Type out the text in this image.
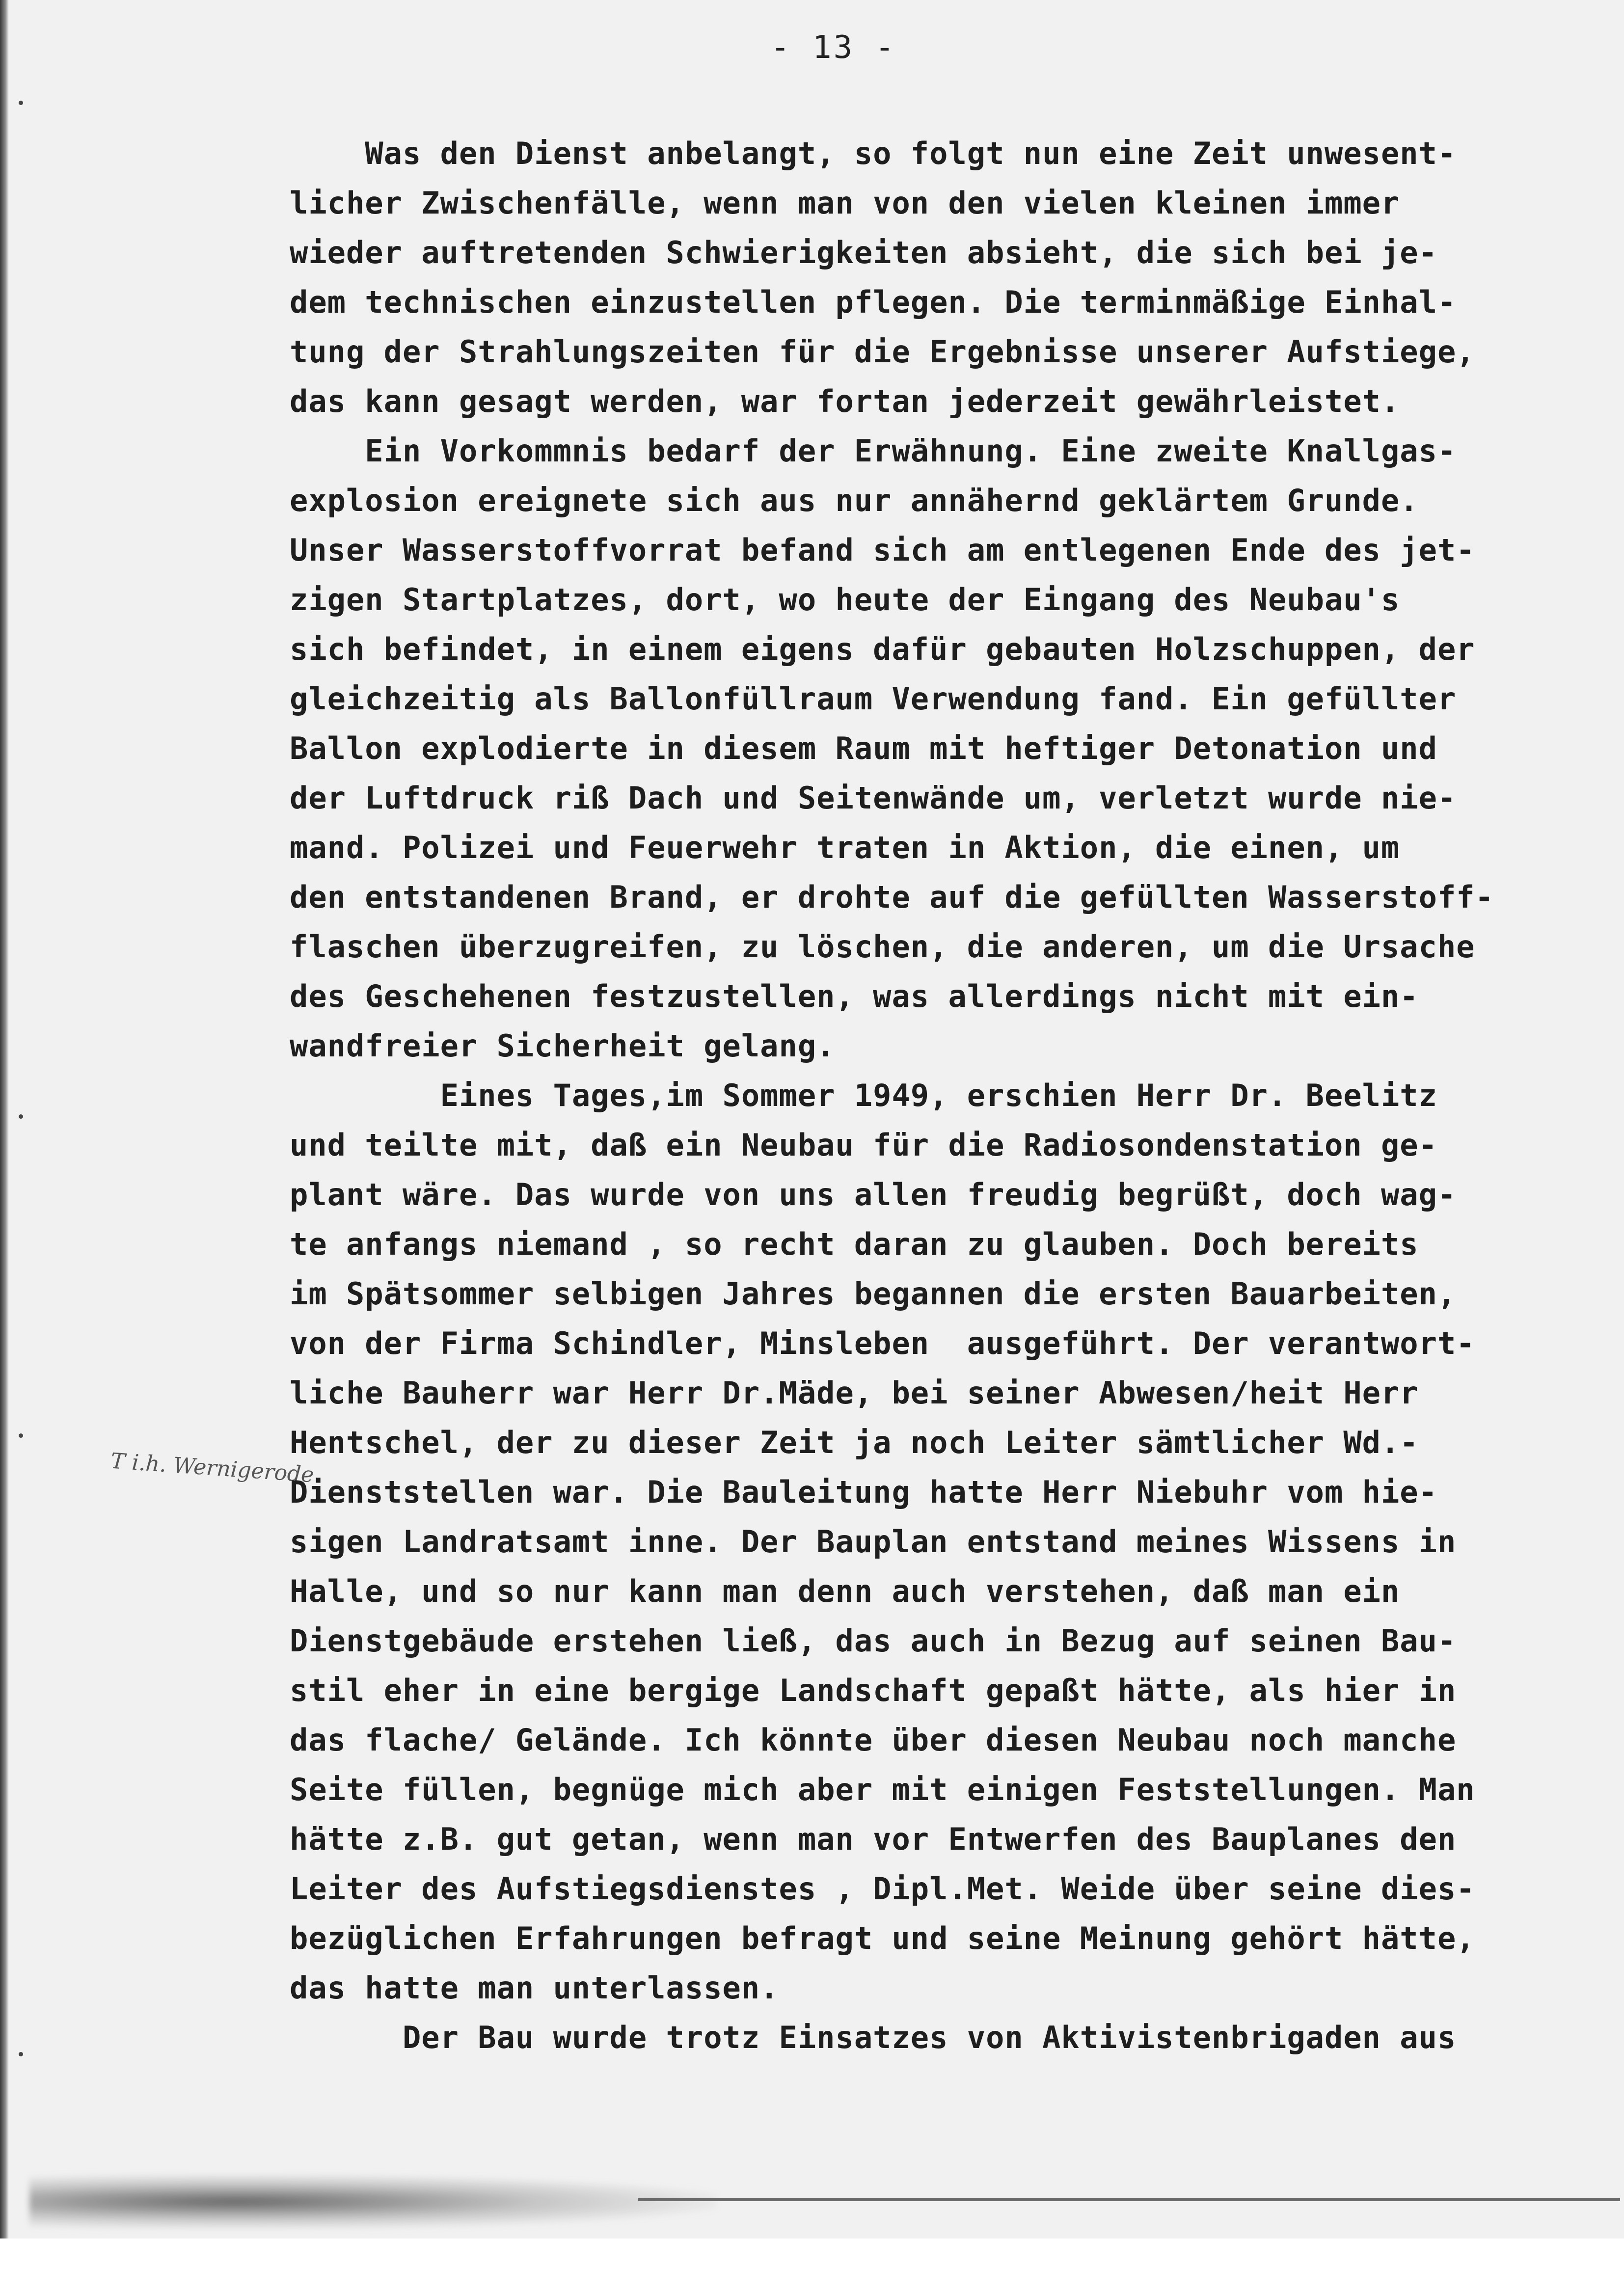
- 13 -
T i.h. Wernigerode
Was den Dienst anbelangt, so folgt nun eine Zeit unwesent-
licher Zwischenfälle, wenn man von den vielen kleinen immer
wieder auftretenden Schwierigkeiten absieht, die sich bei je-
dem technischen einzustellen pflegen. Die terminmäßige Einhal-
tung der Strahlungszeiten für die Ergebnisse unserer Aufstiege,
das kann gesagt werden, war fortan jederzeit gewährleistet.
Ein Vorkommnis bedarf der Erwähnung. Eine zweite Knallgas-
explosion ereignete sich aus nur annähernd geklärtem Grunde.
Unser Wasserstoffvorrat befand sich am entlegenen Ende des jet-
zigen Startplatzes, dort, wo heute der Eingang des Neubau's
sich befindet, in einem eigens dafür gebauten Holzschuppen, der
gleichzeitig als Ballonfüllraum Verwendung fand. Ein gefüllter
Ballon explodierte in diesem Raum mit heftiger Detonation und
der Luftdruck riß Dach und Seitenwände um, verletzt wurde nie-
mand. Polizei und Feuerwehr traten in Aktion, die einen, um
den entstandenen Brand, er drohte auf die gefüllten Wasserstoff-
flaschen überzugreifen, zu löschen, die anderen, um die Ursache
des Geschehenen festzustellen, was allerdings nicht mit ein-
wandfreier Sicherheit gelang.
Eines Tages,im Sommer 1949, erschien Herr Dr. Beelitz
und teilte mit, daß ein Neubau für die Radiosondenstation ge-
plant wäre. Das wurde von uns allen freudig begrüßt, doch wag-
te anfangs niemand , so recht daran zu glauben. Doch bereits
im Spätsommer selbigen Jahres begannen die ersten Bauarbeiten,
von der Firma Schindler, Minsleben  ausgeführt. Der verantwort-
liche Bauherr war Herr Dr.Mäde, bei seiner Abwesen/heit Herr
Hentschel, der zu dieser Zeit ja noch Leiter sämtlicher Wd.-
Dienststellen war. Die Bauleitung hatte Herr Niebuhr vom hie-
sigen Landratsamt inne. Der Bauplan entstand meines Wissens in
Halle, und so nur kann man denn auch verstehen, daß man ein
Dienstgebäude erstehen ließ, das auch in Bezug auf seinen Bau-
stil eher in eine bergige Landschaft gepaßt hätte, als hier in
das flache/ Gelände. Ich könnte über diesen Neubau noch manche
Seite füllen, begnüge mich aber mit einigen Feststellungen. Man
hätte z.B. gut getan, wenn man vor Entwerfen des Bauplanes den
Leiter des Aufstiegsdienstes , Dipl.Met. Weide über seine dies-
bezüglichen Erfahrungen befragt und seine Meinung gehört hätte,
das hatte man unterlassen.
Der Bau wurde trotz Einsatzes von Aktivistenbrigaden aus
